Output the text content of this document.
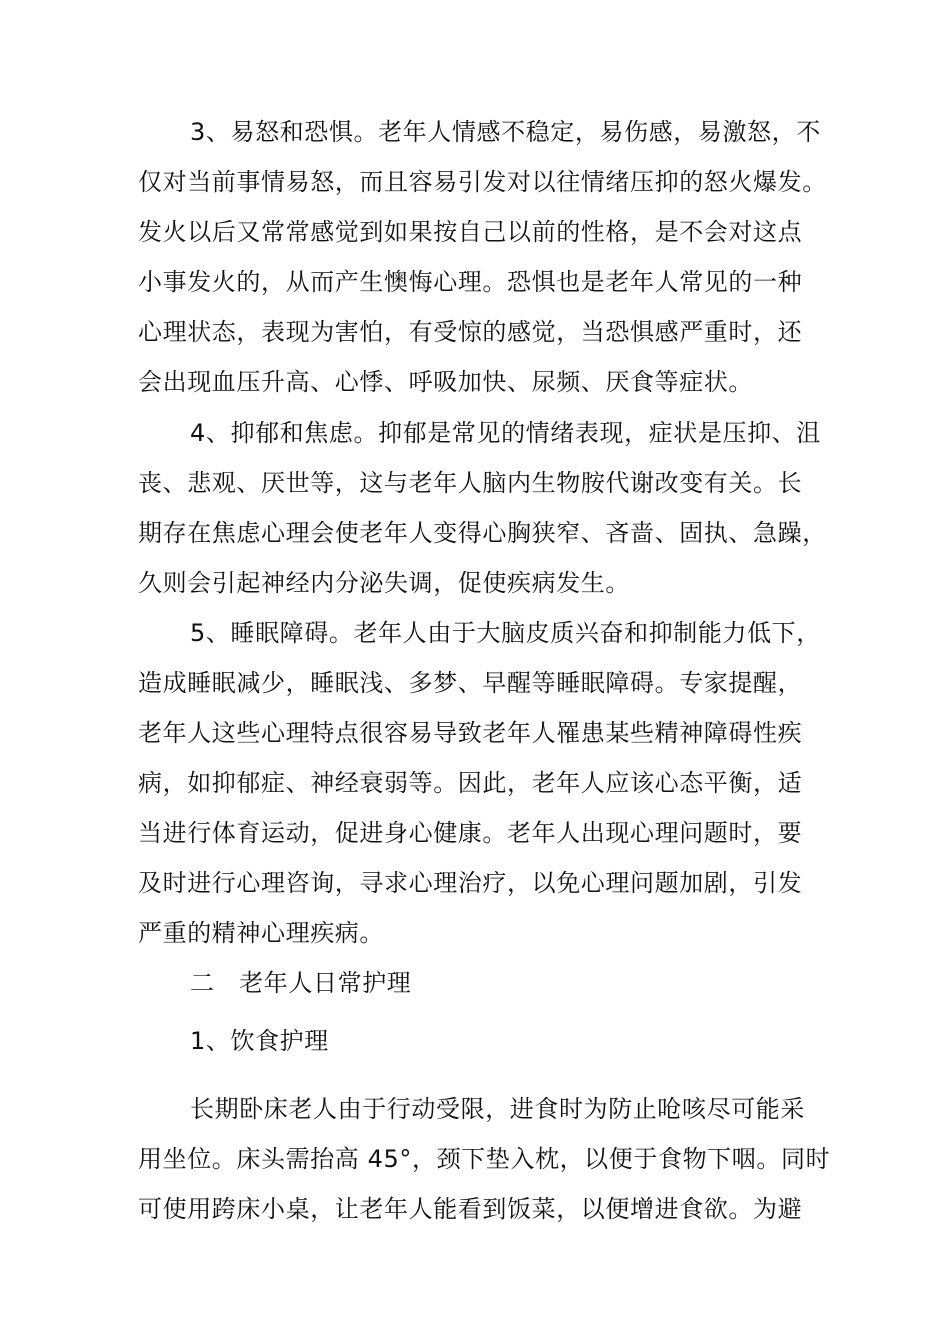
3、易怒和恐惧。老年人情感不稳定，易伤感，易激怒，不
仅对当前事情易怒，而且容易引发对以往情绪压抑的怒火爆发。
发火以后又常常感觉到如果按自己以前的性格，是不会对这点
小事发火的，从而产生懊悔心理。恐惧也是老年人常见的一种
心理状态，表现为害怕，有受惊的感觉，当恐惧感严重时，还
会出现血压升高、心悸、呼吸加快、尿频、厌食等症状。
4、抑郁和焦虑。抑郁是常见的情绪表现，症状是压抑、沮
丧、悲观、厌世等，这与老年人脑内生物胺代谢改变有关。长
期存在焦虑心理会使老年人变得心胸狭窄、吝啬、固执、急躁，
久则会引起神经内分泌失调，促使疾病发生。
5、睡眠障碍。老年人由于大脑皮质兴奋和抑制能力低下，
造成睡眠减少，睡眠浅、多梦、早醒等睡眠障碍。专家提醒，
老年人这些心理特点很容易导致老年人罹患某些精神障碍性疾
病，如抑郁症、神经衰弱等。因此，老年人应该心态平衡，适
当进行体育运动，促进身心健康。老年人出现心理问题时，要
及时进行心理咨询，寻求心理治疗，以免心理问题加剧，引发
严重的精神心理疾病。
二　老年人日常护理
1、饮食护理
长期卧床老人由于行动受限，进食时为防止呛咳尽可能采
用坐位。床头需抬高 45°，颈下垫入枕，以便于食物下咽。同时
可使用跨床小桌，让老年人能看到饭菜，以便增进食欲。为避
